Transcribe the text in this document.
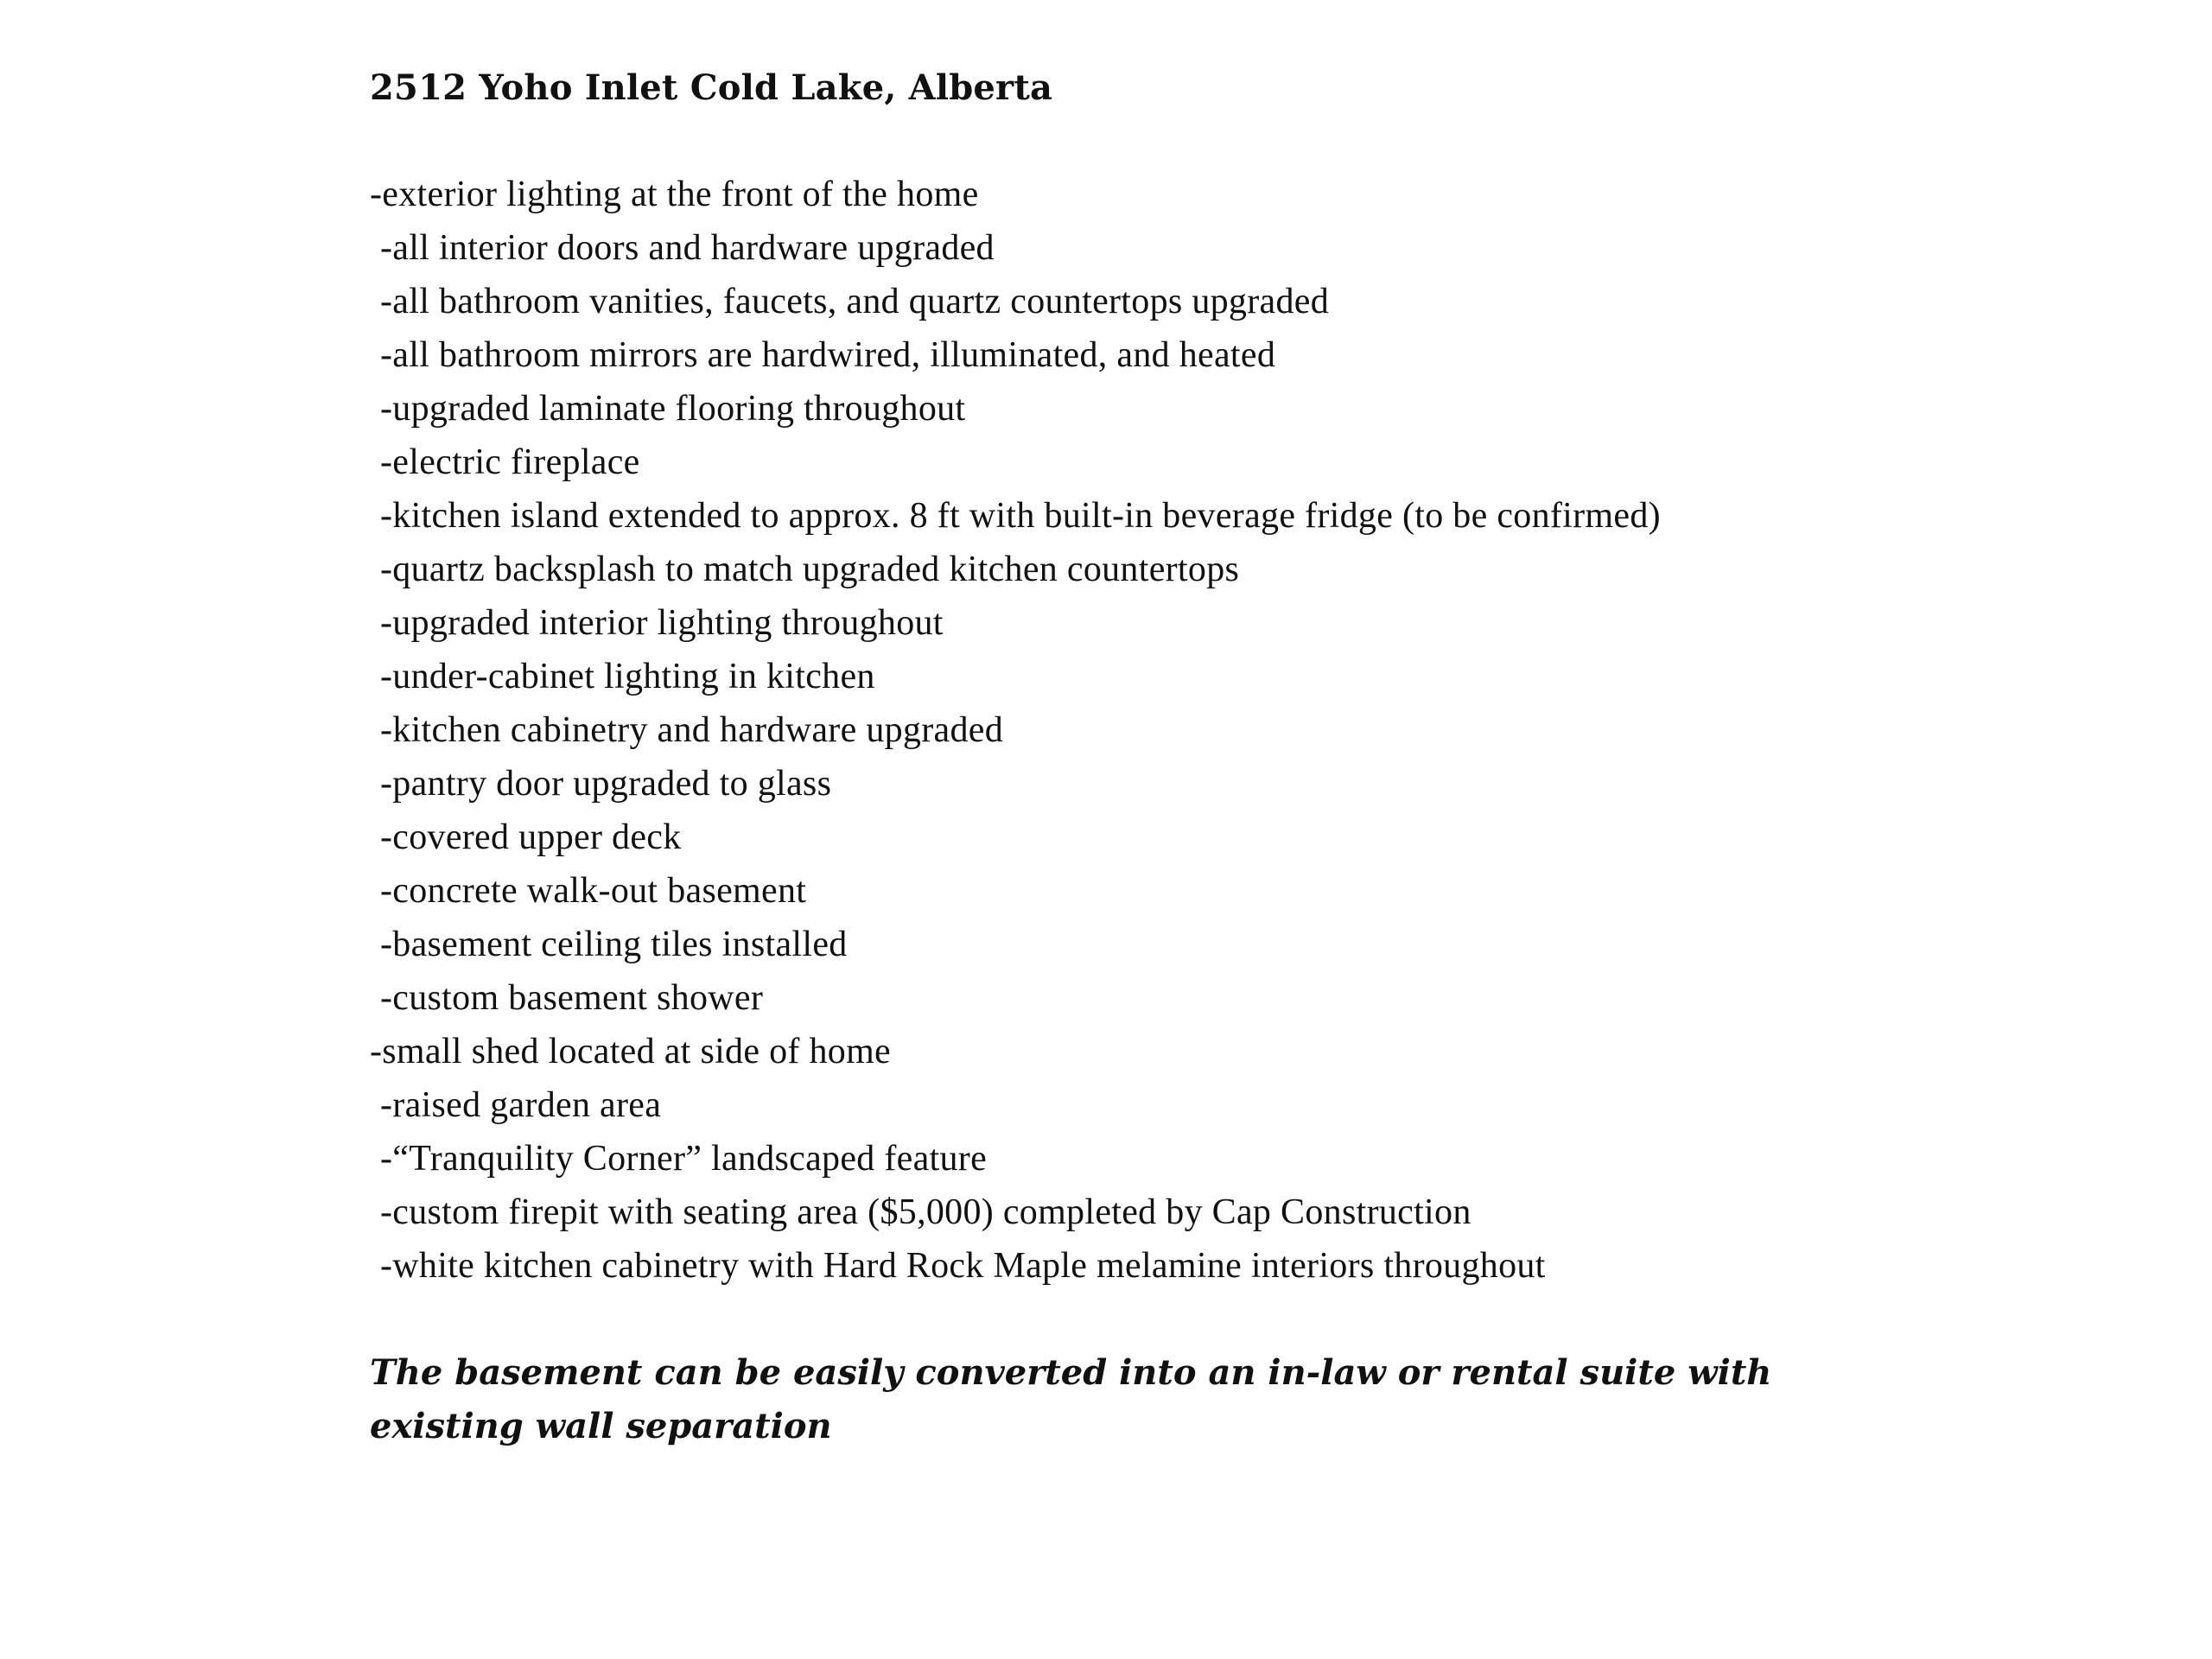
2512 Yoho Inlet Cold Lake, Alberta
-exterior lighting at the front of the home
-all interior doors and hardware upgraded
-all bathroom vanities, faucets, and quartz countertops upgraded
-all bathroom mirrors are hardwired, illuminated, and heated
-upgraded laminate flooring throughout
-electric fireplace
-kitchen island extended to approx. 8 ft with built-in beverage fridge (to be confirmed)
-quartz backsplash to match upgraded kitchen countertops
-upgraded interior lighting throughout
-under-cabinet lighting in kitchen
-kitchen cabinetry and hardware upgraded
-pantry door upgraded to glass
-covered upper deck
-concrete walk-out basement
-basement ceiling tiles installed
-custom basement shower
-small shed located at side of home
-raised garden area
-“Tranquility Corner” landscaped feature
-custom firepit with seating area ($5,000) completed by Cap Construction
-white kitchen cabinetry with Hard Rock Maple melamine interiors throughout
The basement can be easily converted into an in-law or rental suite with existing wall separation
